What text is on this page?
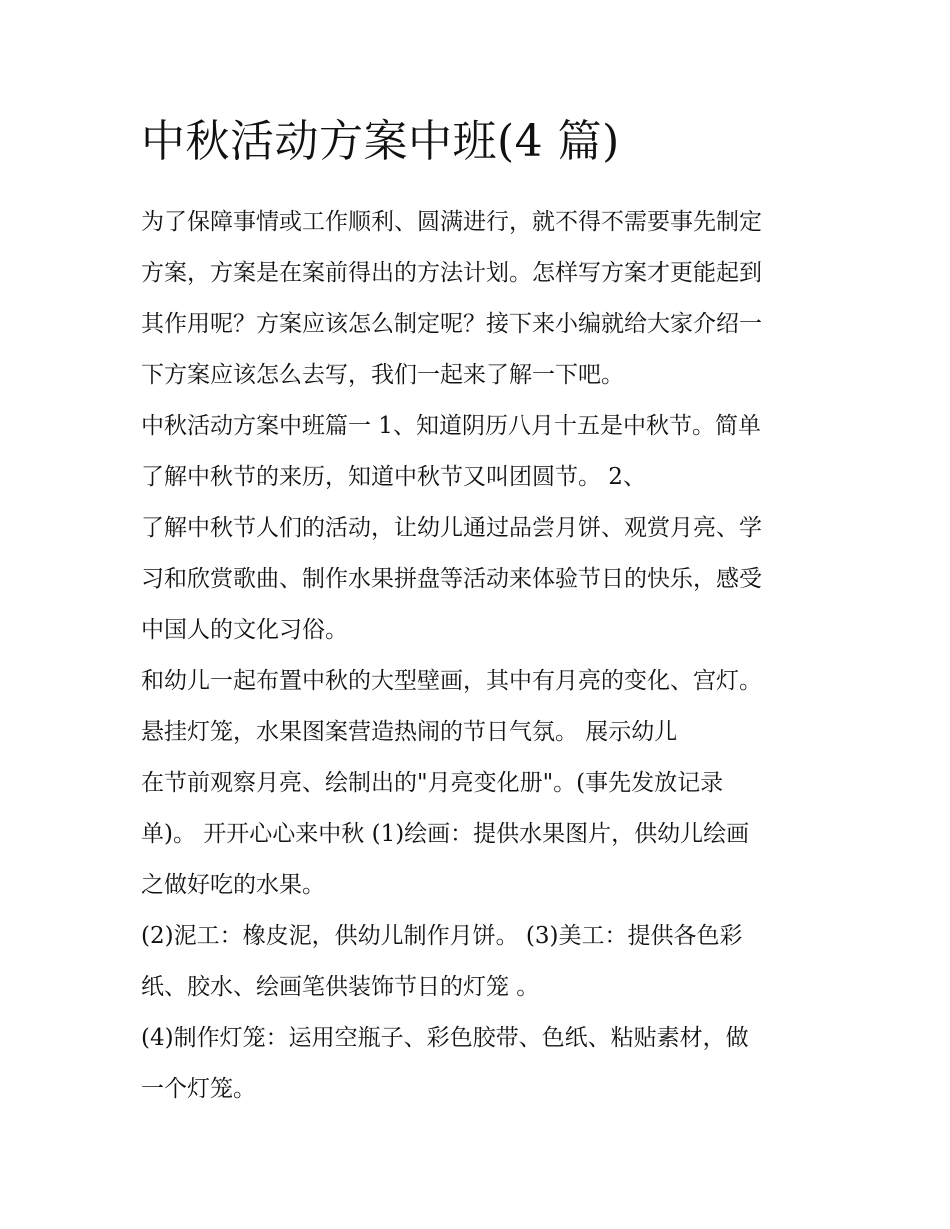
中秋活动方案中班(4 篇)
为了保障事情或工作顺利、圆满进行，就不得不需要事先制定
方案，方案是在案前得出的方法计划。怎样写方案才更能起到
其作用呢？方案应该怎么制定呢？接下来小编就给大家介绍一
下方案应该怎么去写，我们一起来了解一下吧。
中秋活动方案中班篇一 1、知道阴历八月十五是中秋节。简单
了解中秋节的来历，知道中秋节又叫团圆节。 2、
了解中秋节人们的活动，让幼儿通过品尝月饼、观赏月亮、学
习和欣赏歌曲、制作水果拼盘等活动来体验节日的快乐，感受
中国人的文化习俗。
和幼儿一起布置中秋的大型壁画，其中有月亮的变化、宫灯。
悬挂灯笼，水果图案营造热闹的节日气氛。 展示幼儿
在节前观察月亮、绘制出的"月亮变化册"。(事先发放记录
单)。 开开心心来中秋 (1)绘画：提供水果图片，供幼儿绘画
之做好吃的水果。
(2)泥工：橡皮泥，供幼儿制作月饼。 (3)美工：提供各色彩
纸、胶水、绘画笔供装饰节日的灯笼 。
(4)制作灯笼：运用空瓶子、彩色胶带、色纸、粘贴素材，做
一个灯笼。
